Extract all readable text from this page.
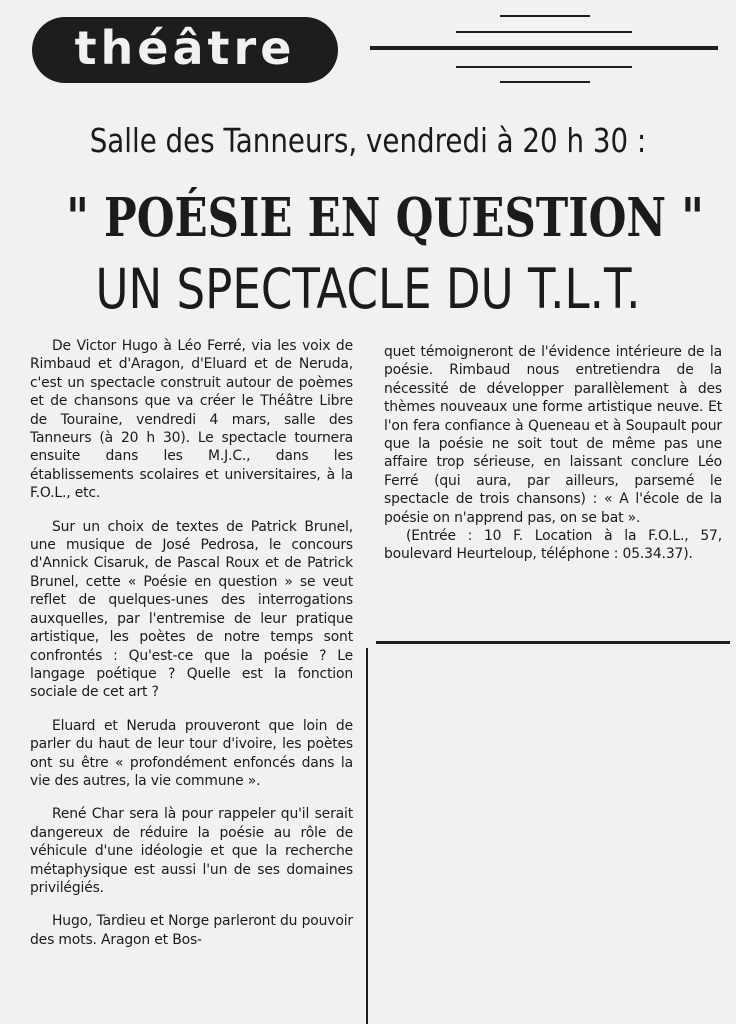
théâtre
Salle des Tanneurs, vendredi à 20 h 30 :
" POÉSIE EN QUESTION "
UN SPECTACLE DU T.L.T.

De Victor Hugo à Léo Ferré, via les voix de Rimbaud et d'Aragon, d'Eluard et de Neruda, c'est un spectacle construit autour de poèmes et de chansons que va créer le Théâtre Libre de Touraine, vendredi 4 mars, salle des Tanneurs (à 20 h 30). Le spectacle tournera ensuite dans les M.J.C., dans les établissements scolaires et universitaires, à la F.O.L., etc.

Sur un choix de textes de Patrick Brunel, une musique de José Pedrosa, le concours d'Annick Cisaruk, de Pascal Roux et de Patrick Brunel, cette « Poésie en question » se veut reflet de quelques-unes des interrogations auxquelles, par l'entremise de leur pratique artistique, les poètes de notre temps sont confrontés : Qu'est-ce que la poésie ? Le langage poétique ? Quelle est la fonction sociale de cet art ?

Eluard et Neruda prouveront que loin de parler du haut de leur tour d'ivoire, les poètes ont su être « profondément enfoncés dans la vie des autres, la vie commune ».

René Char sera là pour rappeler qu'il serait dangereux de réduire la poésie au rôle de véhicule d'une idéologie et que la recherche métaphysique est aussi l'un de ses domaines privilégiés.

Hugo, Tardieu et Norge parleront du pouvoir des mots. Aragon et Bos-

quet témoigneront de l'évidence intérieure de la poésie. Rimbaud nous entretiendra de la nécessité de développer parallèlement à des thèmes nouveaux une forme artistique neuve. Et l'on fera confiance à Queneau et à Soupault pour que la poésie ne soit tout de même pas une affaire trop sérieuse, en laissant conclure Léo Ferré (qui aura, par ailleurs, parsemé le spectacle de trois chansons) : « A l'école de la poésie on n'apprend pas, on se bat ».

(Entrée : 10 F. Location à la F.O.L., 57, boulevard Heurteloup, téléphone : 05.34.37).
